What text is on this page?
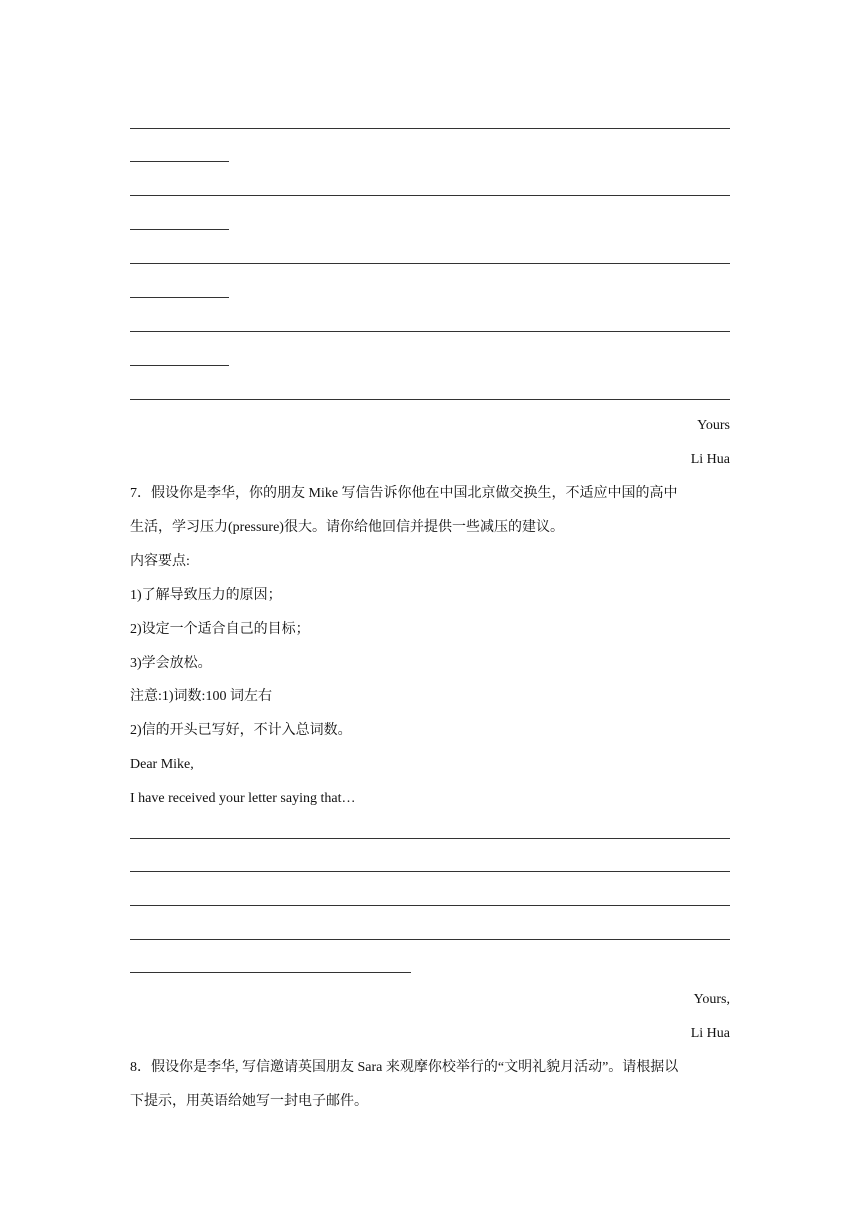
Yours
Li Hua
7．假设你是李华，你的朋友 Mike 写信告诉你他在中国北京做交换生，不适应中国的高中
生活，学习压力(pressure)很大。请你给他回信并提供一些减压的建议。
内容要点:
1)了解导致压力的原因；
2)设定一个适合自己的目标；
3)学会放松。
注意:1)词数:100 词左右
2)信的开头已写好，不计入总词数。
Dear Mike,
I have received your letter saying that…
Yours,
Li Hua
8．假设你是李华, 写信邀请英国朋友 Sara 来观摩你校举行的“文明礼貌月活动”。请根据以
下提示，用英语给她写一封电子邮件。
